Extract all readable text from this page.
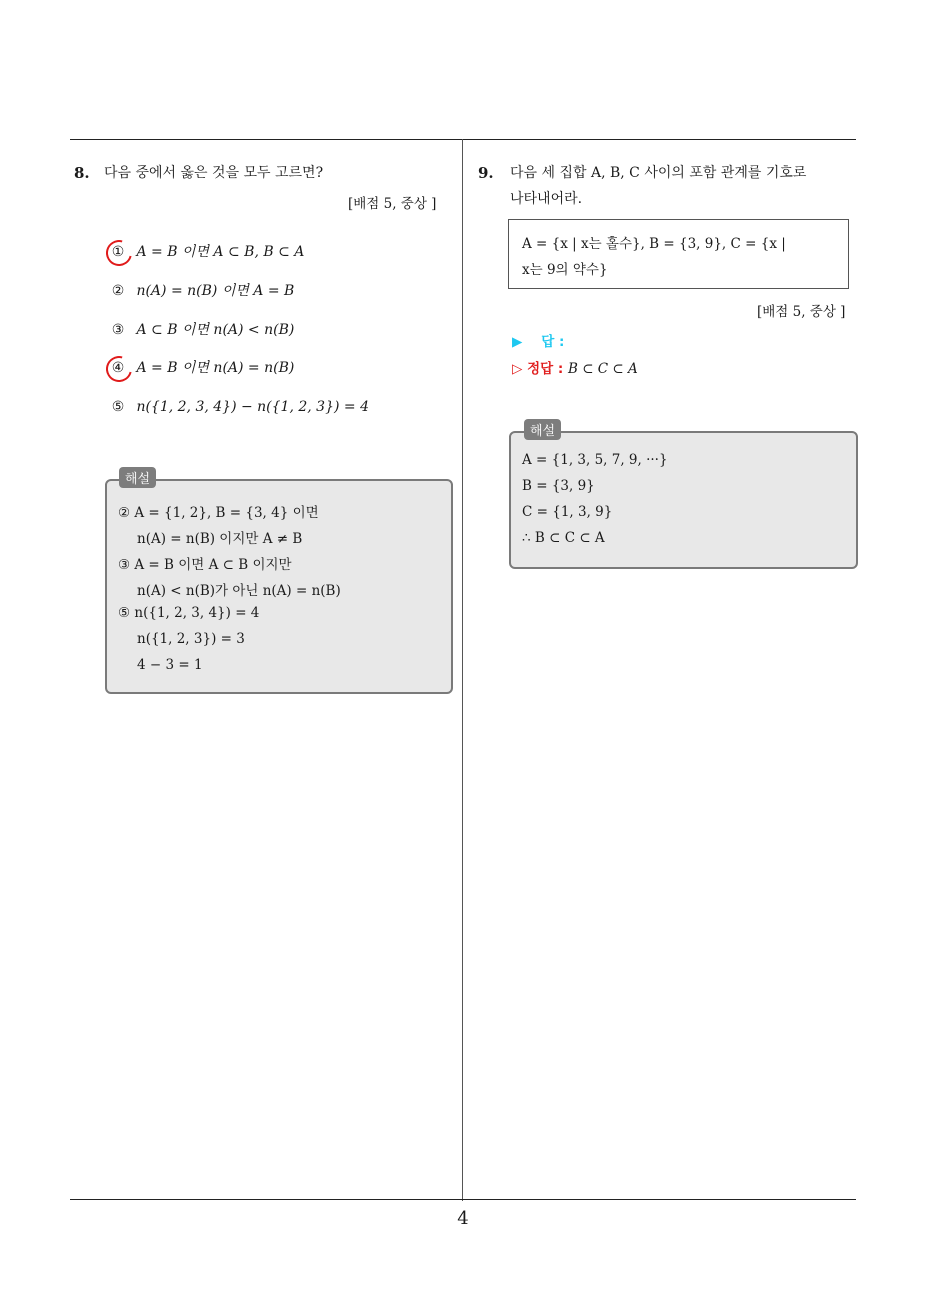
8. 다음 중에서 옳은 것을 모두 고르면?
[배점 5, 중상 ]
① A = B 이면 A ⊂ B, B ⊂ A
② n(A) = n(B) 이면 A = B
③ A ⊂ B 이면 n(A) < n(B)
④ A = B 이면 n(A) = n(B)
⑤ n({1, 2, 3, 4}) − n({1, 2, 3}) = 4
해설
② A = {1, 2}, B = {3, 4} 이면
n(A) = n(B) 이지만 A ≠ B
③ A = B 이면 A ⊂ B 이지만
n(A) < n(B)가 아닌 n(A) = n(B)
⑤ n({1, 2, 3, 4}) = 4
n({1, 2, 3}) = 3
4 − 3 = 1
9. 다음 세 집합 A, B, C 사이의 포함 관계를 기호로
나타내어라.
A = {x | x는 홀수}, B = {3, 9}, C = {x |
x는 9의 약수}
[배점 5, 중상 ]
▶ 답 :
▷ 정답 : B ⊂ C ⊂ A
해설
A = {1, 3, 5, 7, 9, ···}
B = {3, 9}
C = {1, 3, 9}
∴ B ⊂ C ⊂ A
4
